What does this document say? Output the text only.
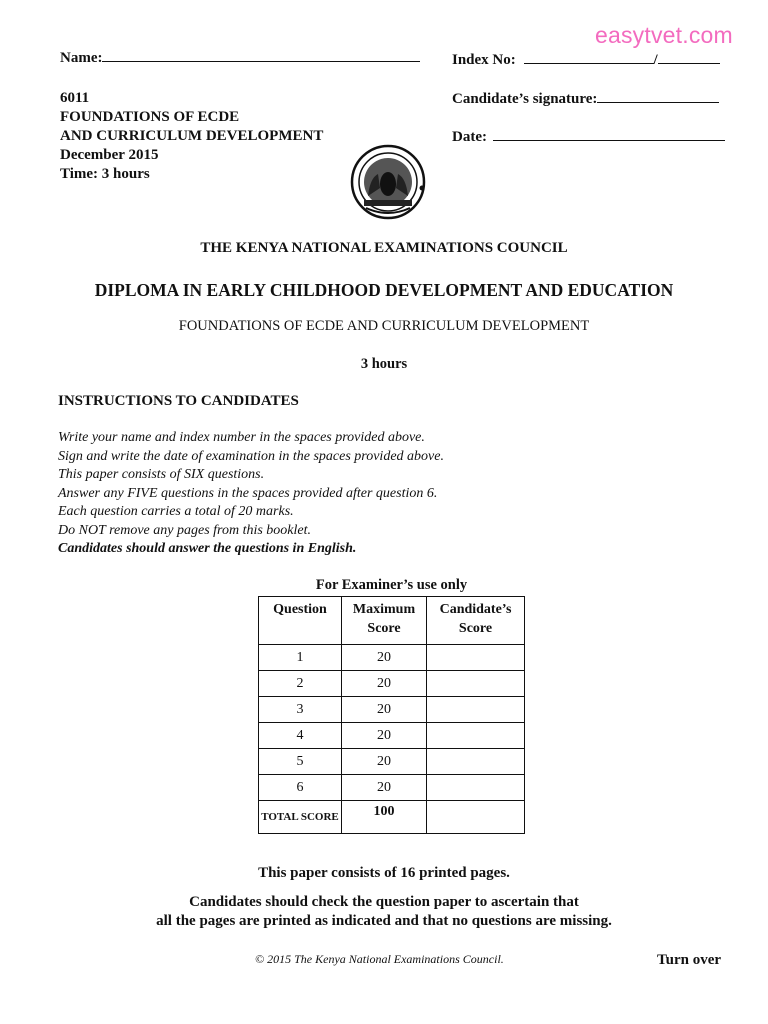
easytvet.com
Name:
6011
FOUNDATIONS OF ECDE
AND CURRICULUM DEVELOPMENT
December 2015
Time: 3 hours
Index No:	/
Candidate’s signature:
Date:
THE KENYA NATIONAL EXAMINATIONS COUNCIL
DIPLOMA IN EARLY CHILDHOOD DEVELOPMENT AND EDUCATION
FOUNDATIONS OF ECDE AND CURRICULUM DEVELOPMENT
3 hours
INSTRUCTIONS TO CANDIDATES
Write your name and index number in the spaces provided above.
Sign and write the date of examination in the spaces provided above.
This paper consists of SIX questions.
Answer any FIVE questions in the spaces provided after question 6.
Each question carries a total of 20 marks.
Do NOT remove any pages from this booklet.
Candidates should answer the questions in English.
For Examiner’s use only
Question	Maximum Score	Candidate’s Score
1	20	
2	20	
3	20	
4	20	
5	20	
6	20	
TOTAL SCORE	100	
This paper consists of 16 printed pages.
Candidates should check the question paper to ascertain that
all the pages are printed as indicated and that no questions are missing.
© 2015 The Kenya National Examinations Council.	Turn over
